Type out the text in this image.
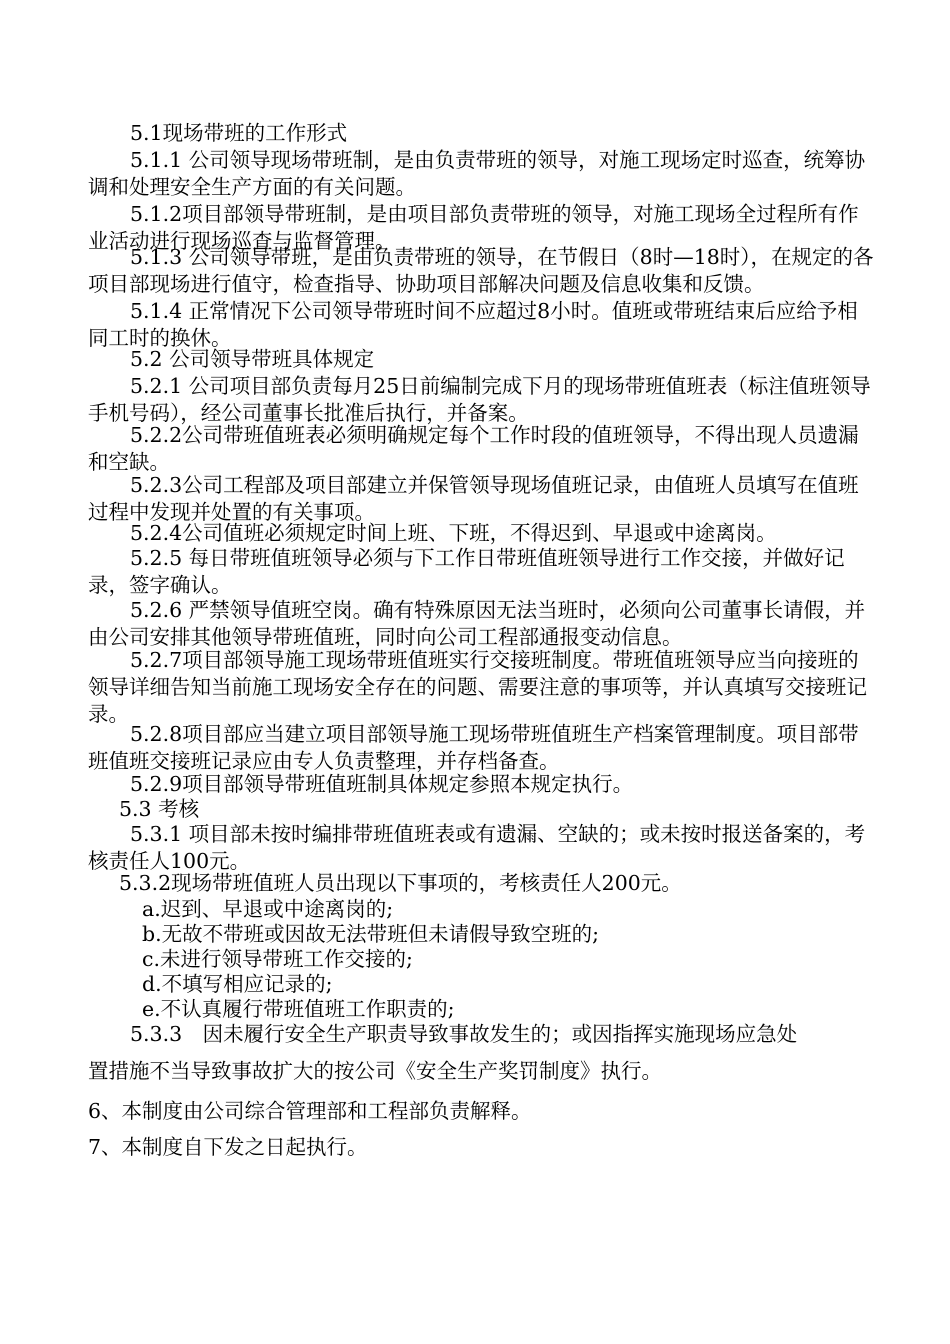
5.1现场带班的工作形式

5.1.1 公司领导现场带班制，是由负责带班的领导，对施工现场定时巡查，统筹协调和处理安全生产方面的有关问题。

5.1.2项目部领导带班制，是由项目部负责带班的领导，对施工现场全过程所有作业活动进行现场巡查与监督管理。

5.1.3 公司领导带班，是由负责带班的领导，在节假日（8时—18时），在规定的各项目部现场进行值守，检查指导、协助项目部解决问题及信息收集和反馈。

5.1.4 正常情况下公司领导带班时间不应超过8小时。值班或带班结束后应给予相同工时的换休。

5.2 公司领导带班具体规定

5.2.1 公司项目部负责每月25日前编制完成下月的现场带班值班表（标注值班领导手机号码），经公司董事长批准后执行，并备案。

5.2.2公司带班值班表必须明确规定每个工作时段的值班领导，不得出现人员遗漏和空缺。

5.2.3公司工程部及项目部建立并保管领导现场值班记录，由值班人员填写在值班过程中发现并处置的有关事项。

5.2.4公司值班必须规定时间上班、下班，不得迟到、早退或中途离岗。

5.2.5 每日带班值班领导必须与下工作日带班值班领导进行工作交接，并做好记录，签字确认。

5.2.6 严禁领导值班空岗。确有特殊原因无法当班时，必须向公司董事长请假，并由公司安排其他领导带班值班，同时向公司工程部通报变动信息。

5.2.7项目部领导施工现场带班值班实行交接班制度。带班值班领导应当向接班的领导详细告知当前施工现场安全存在的问题、需要注意的事项等，并认真填写交接班记录。

5.2.8项目部应当建立项目部领导施工现场带班值班生产档案管理制度。项目部带班值班交接班记录应由专人负责整理，并存档备查。

5.2.9项目部领导带班值班制具体规定参照本规定执行。

5.3 考核

5.3.1 项目部未按时编排带班值班表或有遗漏、空缺的；或未按时报送备案的，考核责任人100元。

5.3.2现场带班值班人员出现以下事项的，考核责任人200元。

a.迟到、早退或中途离岗的;

b.无故不带班或因故无法带班但未请假导致空班的;

c.未进行领导带班工作交接的;

d.不填写相应记录的;

e.不认真履行带班值班工作职责的;

5.3.3　因未履行安全生产职责导致事故发生的；或因指挥实施现场应急处

置措施不当导致事故扩大的按公司《安全生产奖罚制度》执行。

6、本制度由公司综合管理部和工程部负责解释。

7、本制度自下发之日起执行。
